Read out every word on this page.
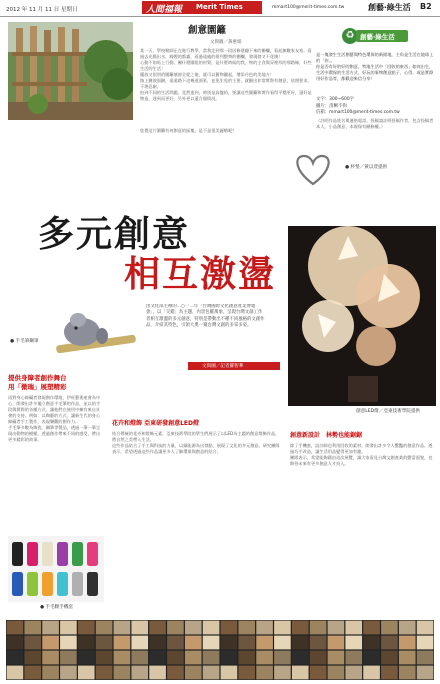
2012 年 11 月 11 日 星期日	人間福報 Merit Times	mmart100@merit-times.com.tw	創藝‧綠生活 B2
創意園籬
文與圖／黃惠娟
某一天，學校喔師正在進行教學，當我走到那一段因修建翻下來的柵欄，看起無數家友家。看過去光陽出水，綺煙的都鎮，看過遠處的排列整齊的棚欄，發現發又不花錢！
心動不如馬上行動，團什麼圍阻的材質，是什麼時候的我，物的主食與穿裡形的那路線，好些生活的生活！
擺放又很別的圍籬填卻全從之後，就可以舊物圖起，增添丹色的美地方！
路上鏈淚面鏈，遠遠路下這幾道面景，並免生免的主要，就顯出非常實際有創意，依照要求，不堪忍耐。
拍到不同的生活問題，竟然達到，時別是高盤的，要讓這些圍籬和實作看得平穩更好，還好是物造，達到而更好，另外更以還合個情況。
您覺這片圍籬有何創意的區塊，是不是很美麗哦呢？
♻ 創藝‧綠生活
是一塊發生生活創藝與特色環保的新園地，主角是生活在地球上的「你」。
你是否有好的好的創意，特地生活中「回收的東西」如何出生，生活中環保的生活方式、好玩的事物創意點子、心得、或是實際用好作品等，都歡迎來信分享！
文字：300~600字
圖片：清晰不拘
信箱：mmart100@merit-times.com.tw
（註明作品姓名與連絡電話。投稿請註明投稿作者，包含投稿者本人，小品創意、本報保有刪修權。）
● 杯墊／黃以萱提供
多元創意
相互激盪
由文化部主辦的二○一二年「台灣國際文化創意產業博覽會」，以「交錯」為主題，內容包羅萬象，呈現台灣文創工作者相互激盪的多元創意，特別是帶動出不種不同風格的文創作品，介紹其特色，引領大奧一窺台灣文創的多采多姿。
● 手毛筆鋼筆
文與圖／記者羅智華
創意LED燈／亞東技術學院提供
提供身障者創作舞台
用「微瑞」展塑精彩
再對身心障礙者發現創作環境，伊旺藝術產會為中心，開發出許多獨立創意手毛筆的作品，並以的手段與實際的各種方式，讓他們在使用中擁有來自社會的支持。例如：以陶藝的方式，讓新生代的身心障礙者手工製作，表現樂觀的創作力。
手毛筆多數為陶瓷、鋼筆等製品，透過一筆一筆呈現出動物的模樣，透過創作帶來不同的感受，帶出更多精彩的故事。
● 手毛顆手機套
花卉和燈飾 亞東研發創意LED燈
結合傳統的花卉和燈飾元素，亞東技術學院的學生們展示了以LED為主題的創意燈飾作品，將自然之美帶入生活。
這些作品結合了手工與科技的力量，以綠能源為出發點，展現了文化的多元創意。研究團隊表示，希望透過這些作品讓更多人了解環保與創意的結合。
創意新設計　林勢也能鋸鋸
除了手機套，設計師也利用回收的素材，開發出許多令人驚豔的創意作品。透過巧手改造，讓生活用品變得更加有趣。
團隊表示，希望能夠藉由這次展覽，讓大家看見台灣文創產業的豐富面貌，也期待未來有更多創意人才投入。
